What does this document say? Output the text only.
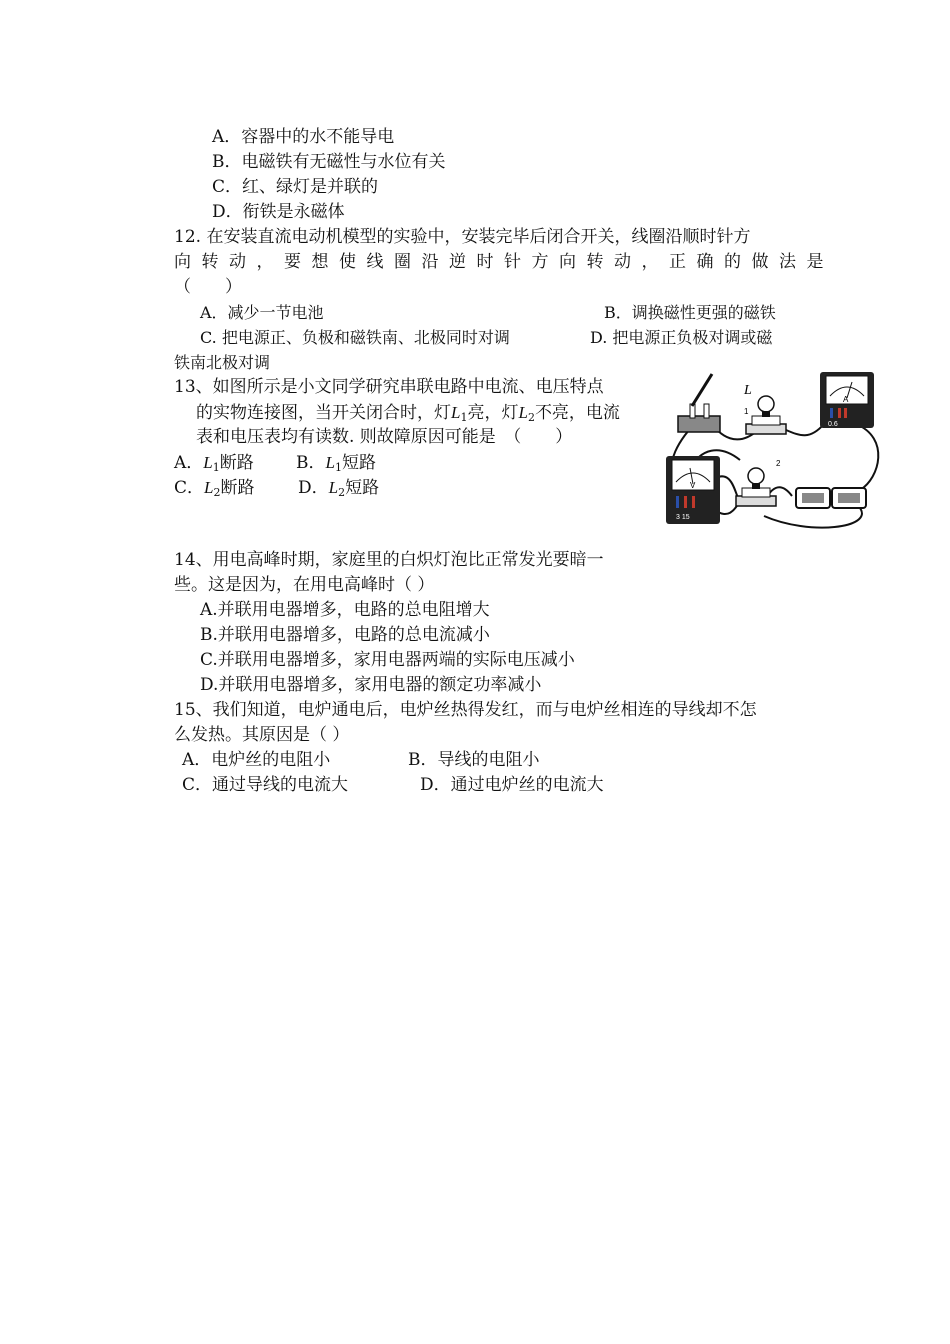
A．容器中的水不能导电
B．电磁铁有无磁性与水位有关
C．红、绿灯是并联的
D．衔铁是永磁体
12. 在安装直流电动机模型的实验中，安装完毕后闭合开关，线圈沿顺时针方
向转动，要想使线圈沿逆时针方向转动，正确的做法是
（　　）
A．减少一节电池	B．调换磁性更强的磁铁
C. 把电源正、负极和磁铁南、北极同时对调	D. 把电源正负极对调或磁
铁南北极对调
13、如图所示是小文同学研究串联电路中电流、电压特点
的实物连接图，当开关闭合时，灯$L_1$亮，灯$L_2$不亮，电流
表和电压表均有读数. 则故障原因可能是　（　　）
A．$L_1$断路 B．$L_1$短路
C．$L_2$断路	D．$L_2$短路
L
1
A
0.6
V
3 15
2
14、用电高峰时期，家庭里的白炽灯泡比正常发光要暗一
些。这是因为，在用电高峰时（ ）
A.并联用电器增多，电路的总电阻增大
B.并联用电器增多，电路的总电流减小
C.并联用电器增多，家用电器两端的实际电压减小
D.并联用电器增多，家用电器的额定功率减小
15、我们知道，电炉通电后，电炉丝热得发红，而与电炉丝相连的导线却不怎
么发热。其原因是（ ）
A．电炉丝的电阻小	B．导线的电阻小
C．通过导线的电流大	D．通过电炉丝的电流大
